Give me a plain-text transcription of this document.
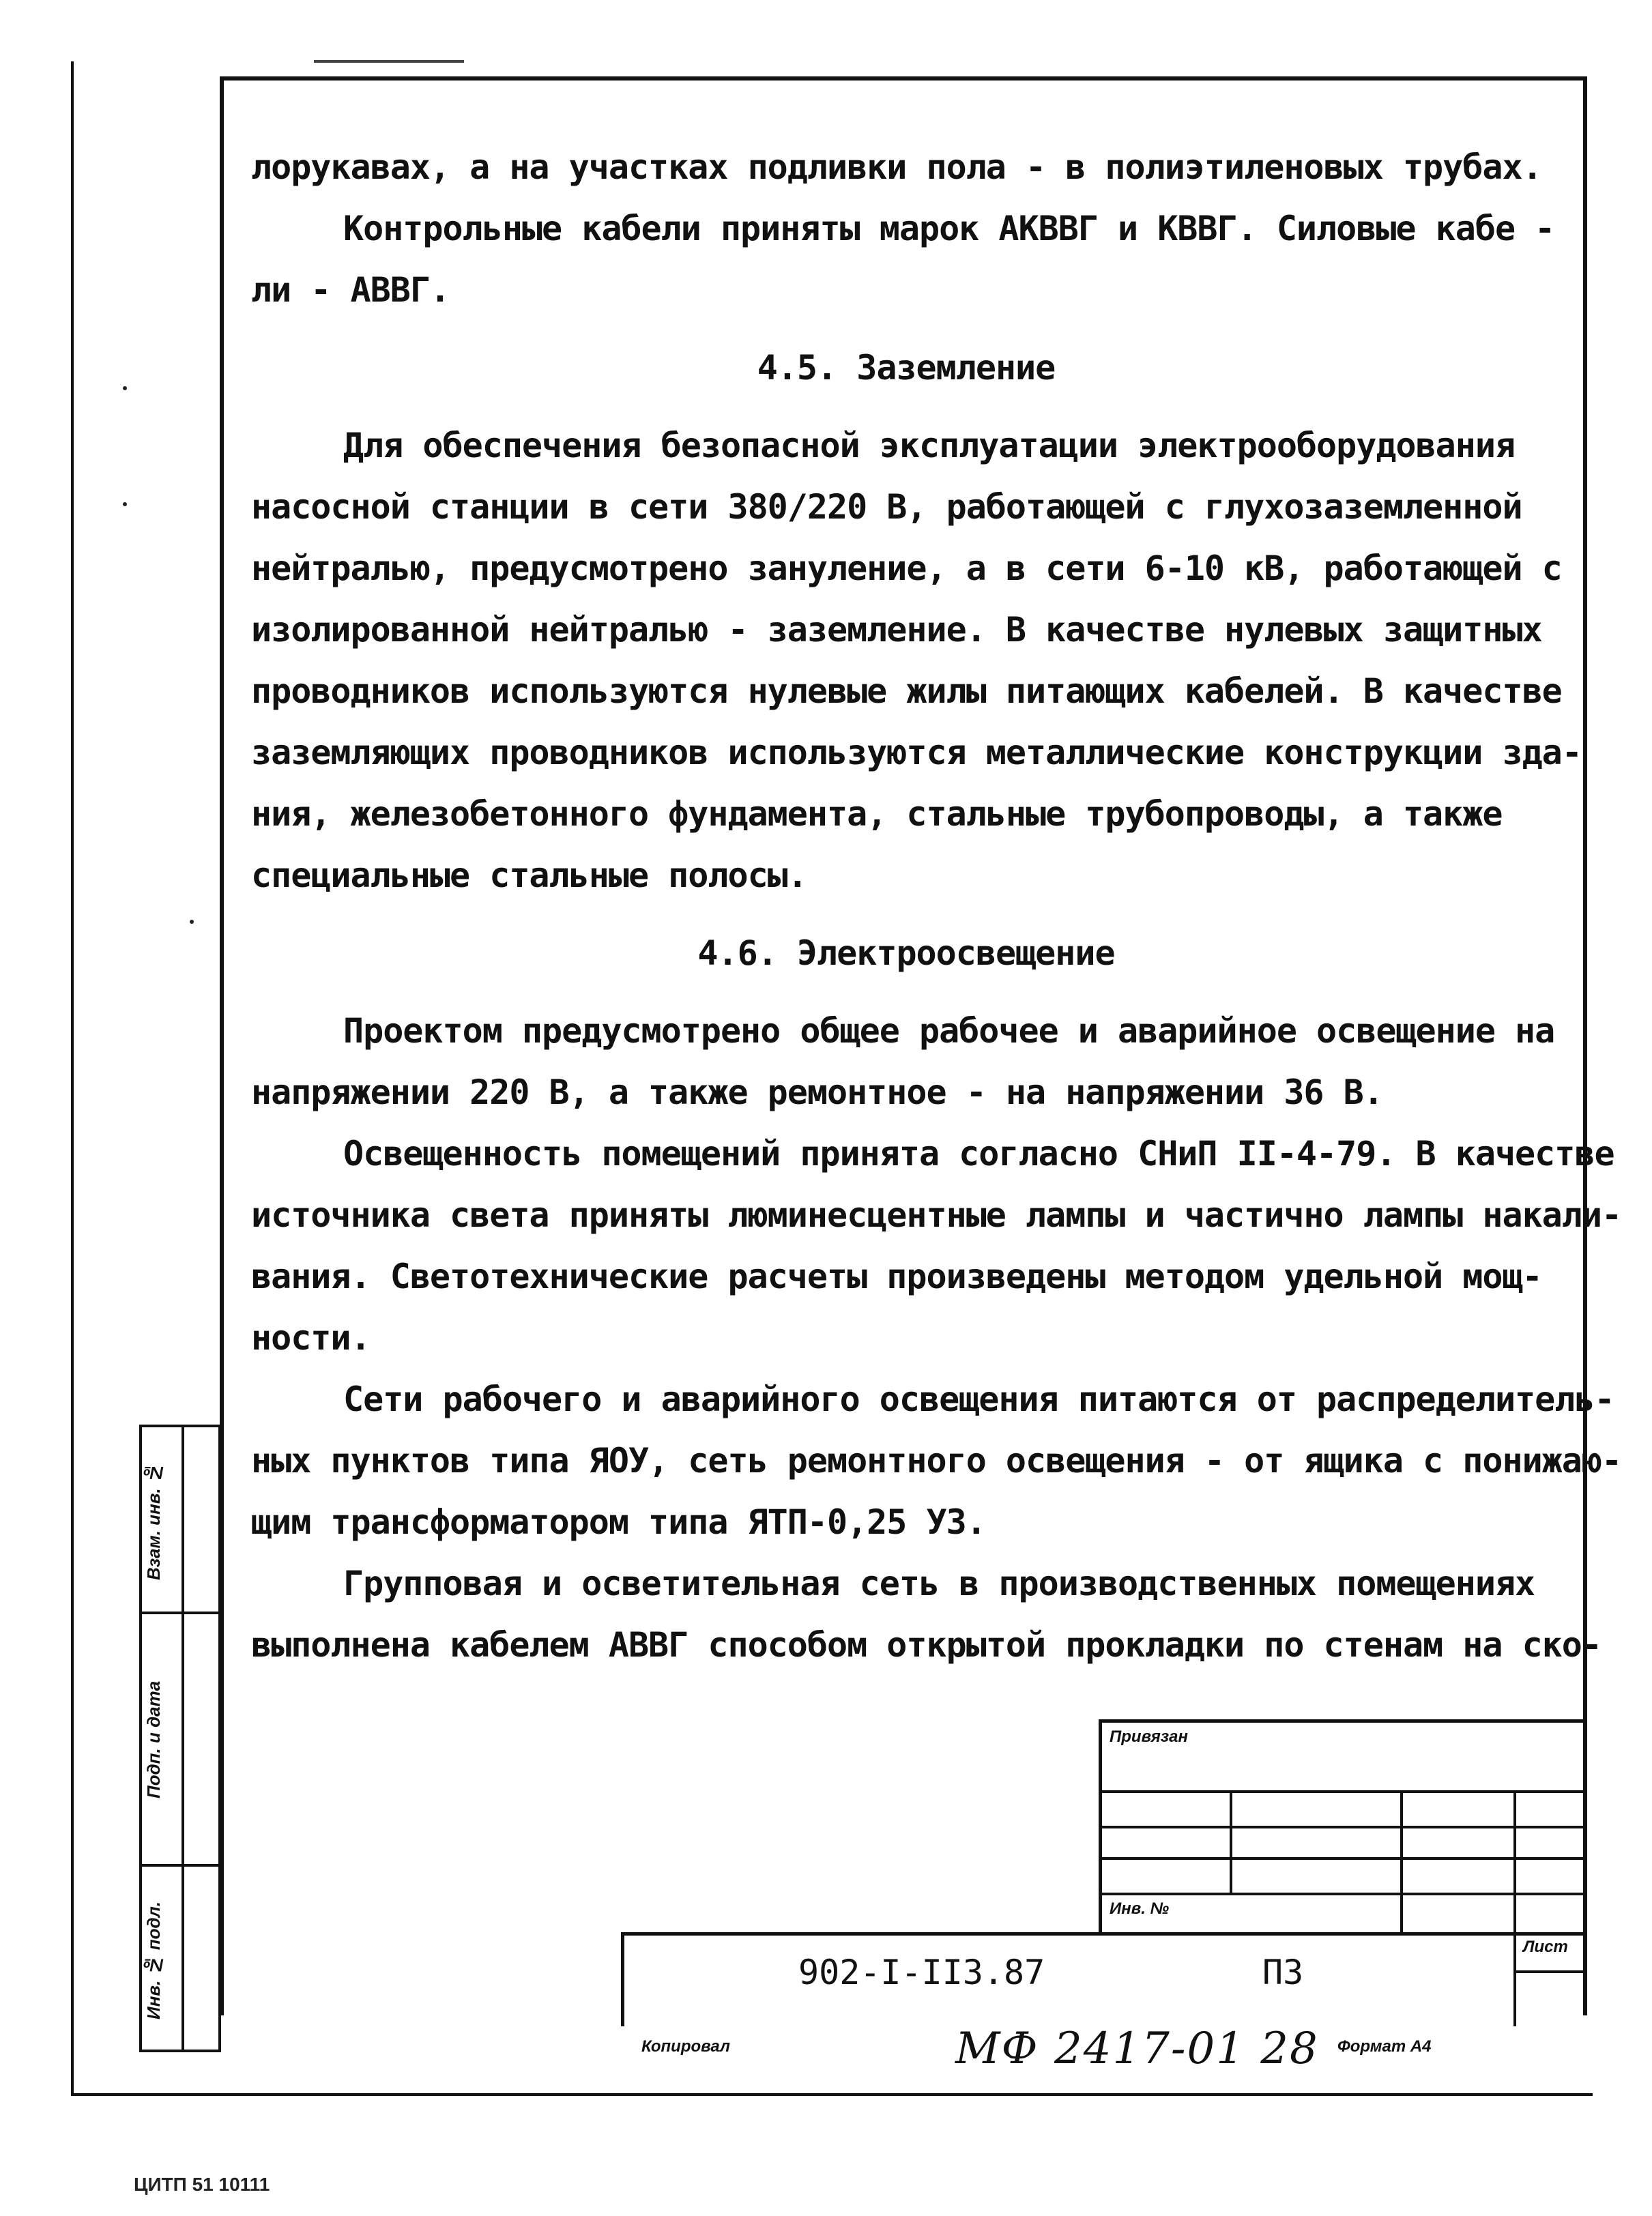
лорукавах, а на участках подливки пола - в полиэтиленовых трубах.
Контрольные кабели приняты марок АКВВГ и КВВГ. Силовые кабе -
ли - АВВГ.
4.5. Заземление
Для обеспечения безопасной эксплуатации электрооборудования
насосной станции в сети 380/220 В, работающей с глухозаземленной
нейтралью, предусмотрено зануление, а в сети 6-10 кВ, работающей с
изолированной нейтралью - заземление. В качестве нулевых защитных
проводников используются нулевые жилы питающих кабелей. В качестве
заземляющих проводников используются металлические конструкции зда-
ния, железобетонного фундамента, стальные трубопроводы, а также
специальные стальные полосы.
4.6. Электроосвещение
Проектом предусмотрено общее рабочее и аварийное освещение на
напряжении 220 В, а также ремонтное - на напряжении 36 В.
Освещенность помещений принята согласно СНиП II-4-79. В качестве
источника света приняты люминесцентные лампы и частично лампы накали-
вания. Светотехнические расчеты произведены методом удельной мощ-
ности.
Сети рабочего и аварийного освещения питаются от распределитель-
ных пунктов типа ЯОУ, сеть ремонтного освещения - от ящика с понижаю-
щим трансформатором типа ЯТП-0,25 УЗ.
Групповая и осветительная сеть в производственных помещениях
выполнена кабелем АВВГ способом открытой прокладки по стенам на ско-
Взам. инв. №
Подп. и дата
Инв. № подл.
Привязан
Инв. №
Лист
902-I-II3.87	ПЗ
Копировал	МФ 2417-01 28 Формат А4
ЦИТП 51 10111
